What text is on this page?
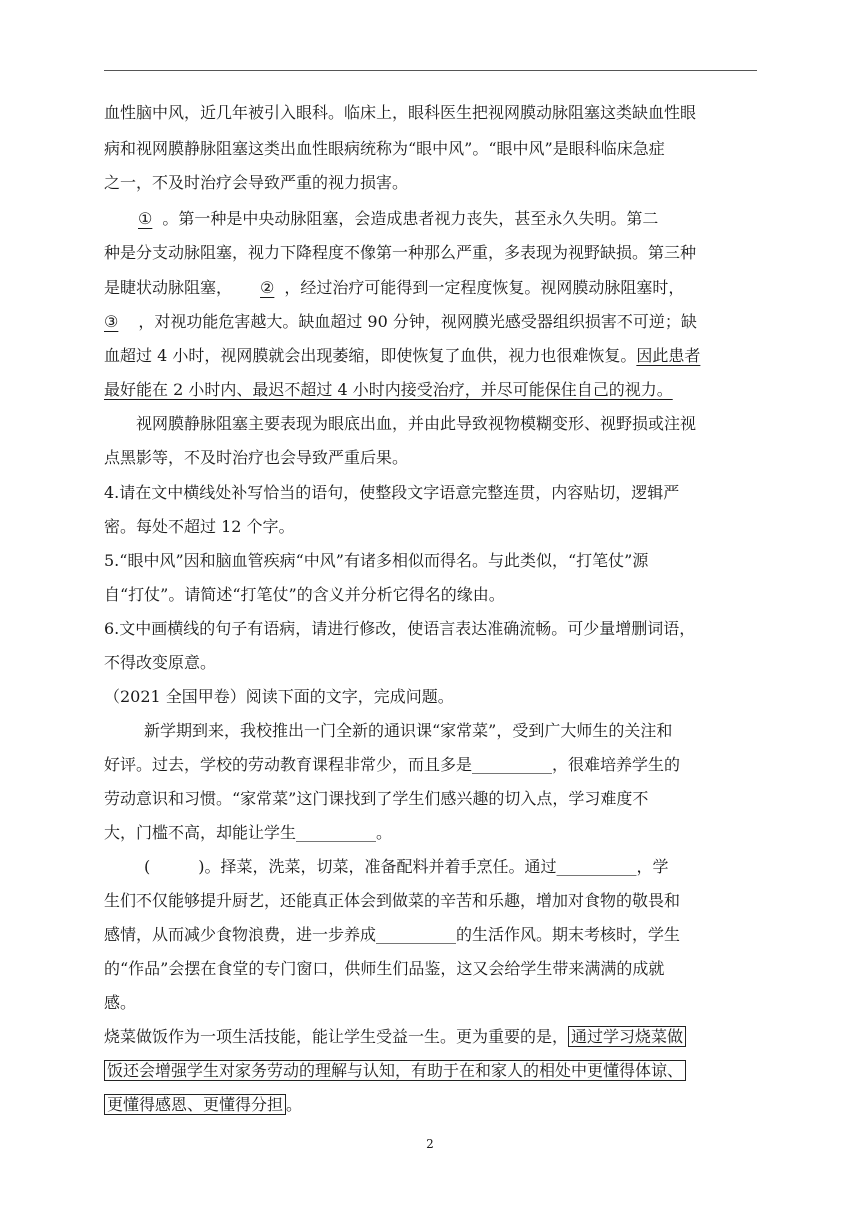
血性脑中风，近几年被引入眼科。临床上，眼科医生把视网膜动脉阻塞这类缺血性眼
病和视网膜静脉阻塞这类出血性眼病统称为“眼中风”。“眼中风”是眼科临床急症
之一，不及时治疗会导致严重的视力损害。
① 。第一种是中央动脉阻塞，会造成患者视力丧失，甚至永久失明。第二
种是分支动脉阻塞，视力下降程度不像第一种那么严重，多表现为视野缺损。第三种
是睫状动脉阻塞， ② ，经过治疗可能得到一定程度恢复。视网膜动脉阻塞时，
③ ，对视功能危害越大。缺血超过 90 分钟，视网膜光感受器组织损害不可逆；缺
血超过 4 小时，视网膜就会出现萎缩，即使恢复了血供，视力也很难恢复。因此患者
最好能在 2 小时内、最迟不超过 4 小时内接受治疗，并尽可能保住自己的视力。
视网膜静脉阻塞主要表现为眼底出血，并由此导致视物模糊变形、视野损或注视
点黑影等，不及时治疗也会导致严重后果。
4.请在文中横线处补写恰当的语句，使整段文字语意完整连贯，内容贴切，逻辑严
密。每处不超过 12 个字。
5.“眼中风”因和脑血管疾病“中风”有诸多相似而得名。与此类似，“打笔仗”源
自“打仗”。请简述“打笔仗”的含义并分析它得名的缘由。
6.文中画横线的句子有语病，请进行修改，使语言表达准确流畅。可少量增删词语，
不得改变原意。
（2021 全国甲卷）阅读下面的文字，完成问题。
新学期到来，我校推出一门全新的通识课“家常菜”，受到广大师生的关注和
好评。过去，学校的劳动教育课程非常少，而且多是__________，很难培养学生的
劳动意识和习惯。“家常菜”这门课找到了学生们感兴趣的切入点，学习难度不
大，门槛不高，却能让学生__________。
(　　　)。择菜，洗菜，切菜，准备配料并着手烹任。通过__________，学
生们不仅能够提升厨艺，还能真正体会到做菜的辛苦和乐趣，增加对食物的敬畏和
感情，从而减少食物浪费，进一步养成__________的生活作风。期末考核时，学生
的“作品”会摆在食堂的专门窗口，供师生们品鉴，这又会给学生带来满满的成就
感。
烧菜做饭作为一项生活技能，能让学生受益一生。更为重要的是， 通过学习烧菜做
饭还会增强学生对家务劳动的理解与认知，有助于在和家人的相处中更懂得体谅、
更懂得感恩、更懂得分担 。
2
